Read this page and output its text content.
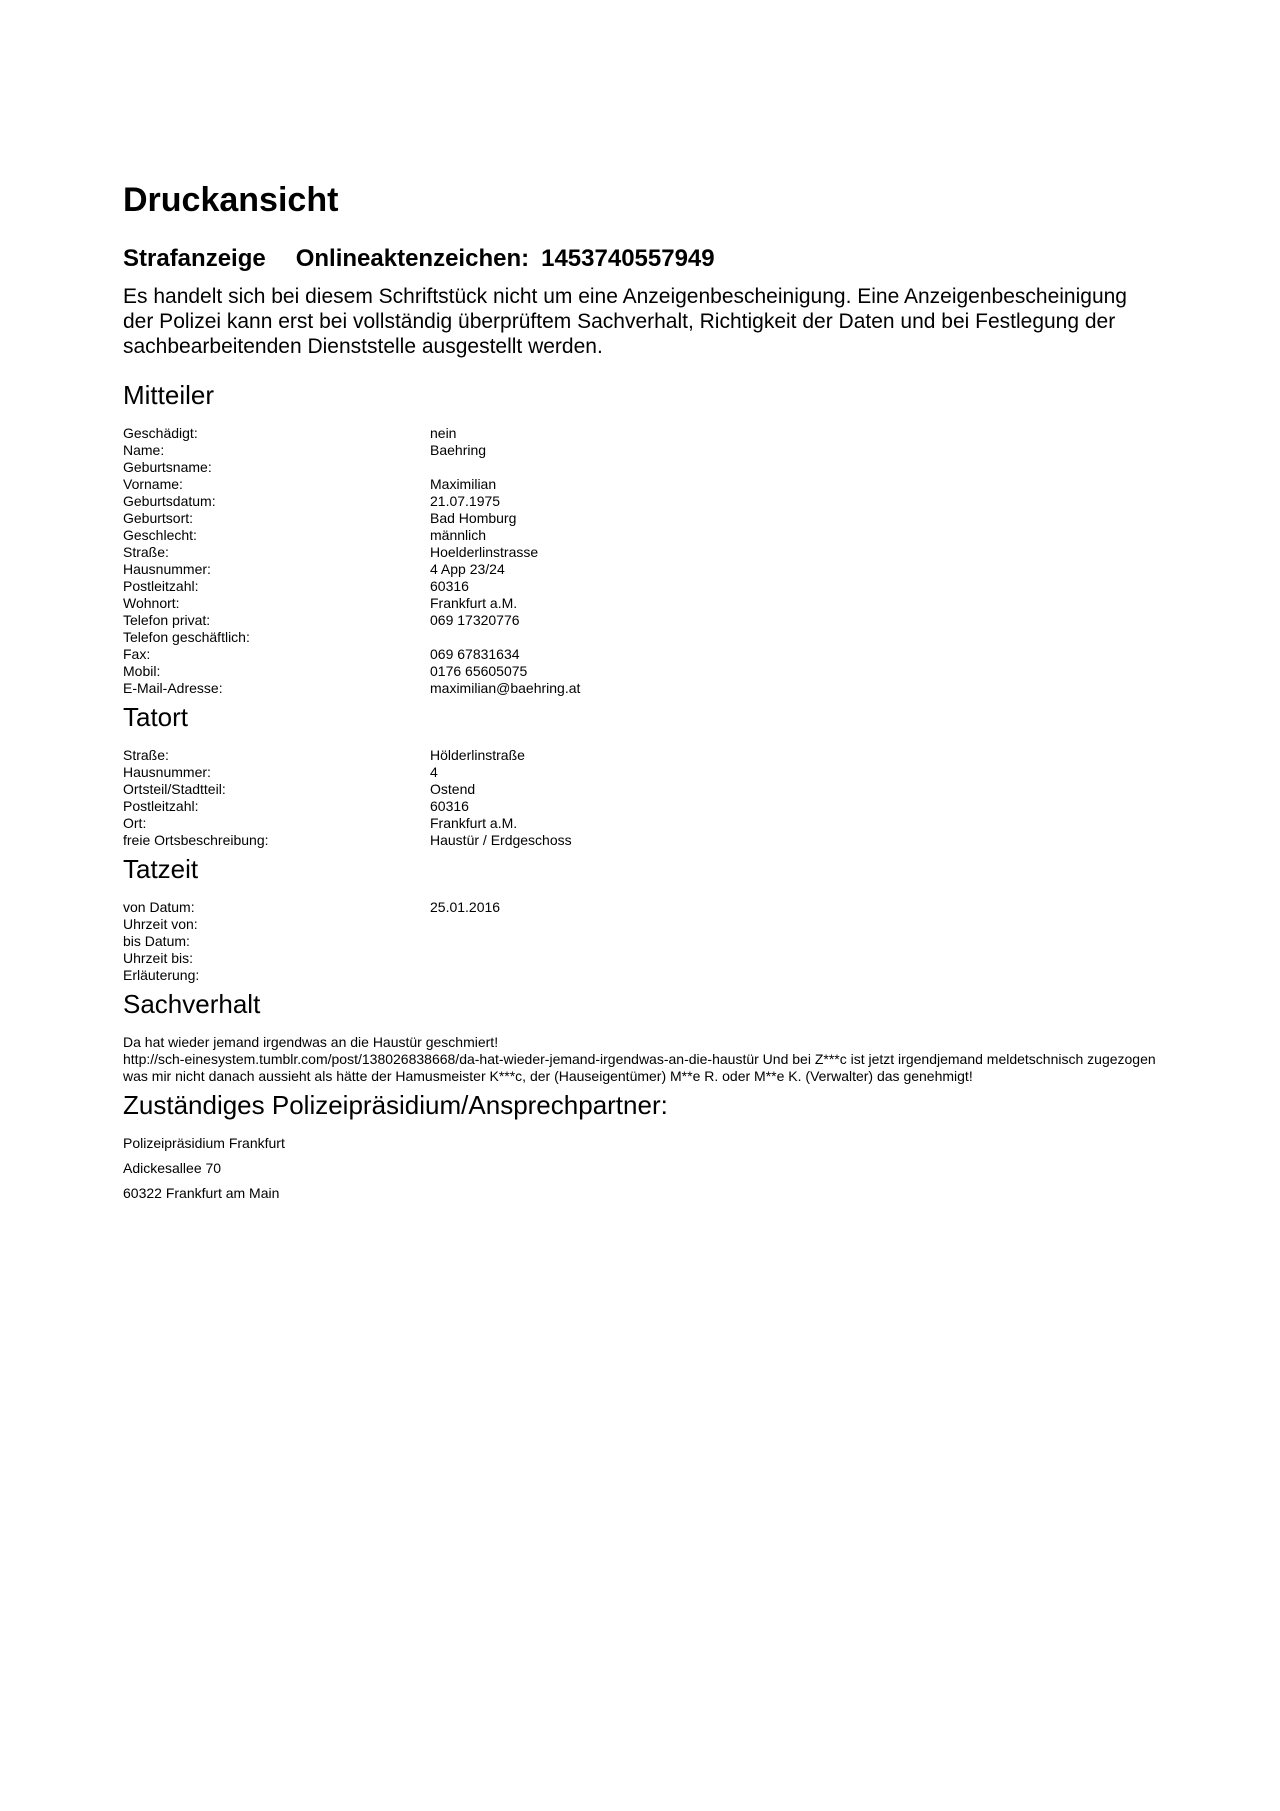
Druckansicht
Strafanzeige Onlineaktenzeichen: 1453740557949

Es handelt sich bei diesem Schriftstück nicht um eine Anzeigenbescheinigung. Eine Anzeigenbescheinigung der Polizei kann erst bei vollständig überprüftem Sachverhalt, Richtigkeit der Daten und bei Festlegung der sachbearbeitenden Dienststelle ausgestellt werden.

Mitteiler
Geschädigt:	nein
Name:	Baehring
Geburtsname:
Vorname:	Maximilian
Geburtsdatum:	21.07.1975
Geburtsort:	Bad Homburg
Geschlecht:	männlich
Straße:	Hoelderlinstrasse
Hausnummer:	4 App 23/24
Postleitzahl:	60316
Wohnort:	Frankfurt a.M.
Telefon privat:	069 17320776
Telefon geschäftlich:
Fax:	069 67831634
Mobil:	0176 65605075
E-Mail-Adresse:	maximilian@baehring.at
Tatort
Straße:	Hölderlinstraße
Hausnummer:	4
Ortsteil/Stadtteil:	Ostend
Postleitzahl:	60316
Ort:	Frankfurt a.M.
freie Ortsbeschreibung:	Haustür / Erdgeschoss
Tatzeit
von Datum:	25.01.2016
Uhrzeit von:
bis Datum:
Uhrzeit bis:
Erläuterung:
Sachverhalt
Da hat wieder jemand irgendwas an die Haustür geschmiert!
http://sch-einesystem.tumblr.com/post/138026838668/da-hat-wieder-jemand-irgendwas-an-die-haustür Und bei Z***c ist jetzt irgendjemand meldetschnisch zugezogen was mir nicht danach aussieht als hätte der Hamusmeister K***c, der (Hauseigentümer) M**e R. oder M**e K. (Verwalter) das genehmigt!
Zuständiges Polizeipräsidium/Ansprechpartner:
Polizeipräsidium Frankfurt
Adickesallee 70
60322 Frankfurt am Main
